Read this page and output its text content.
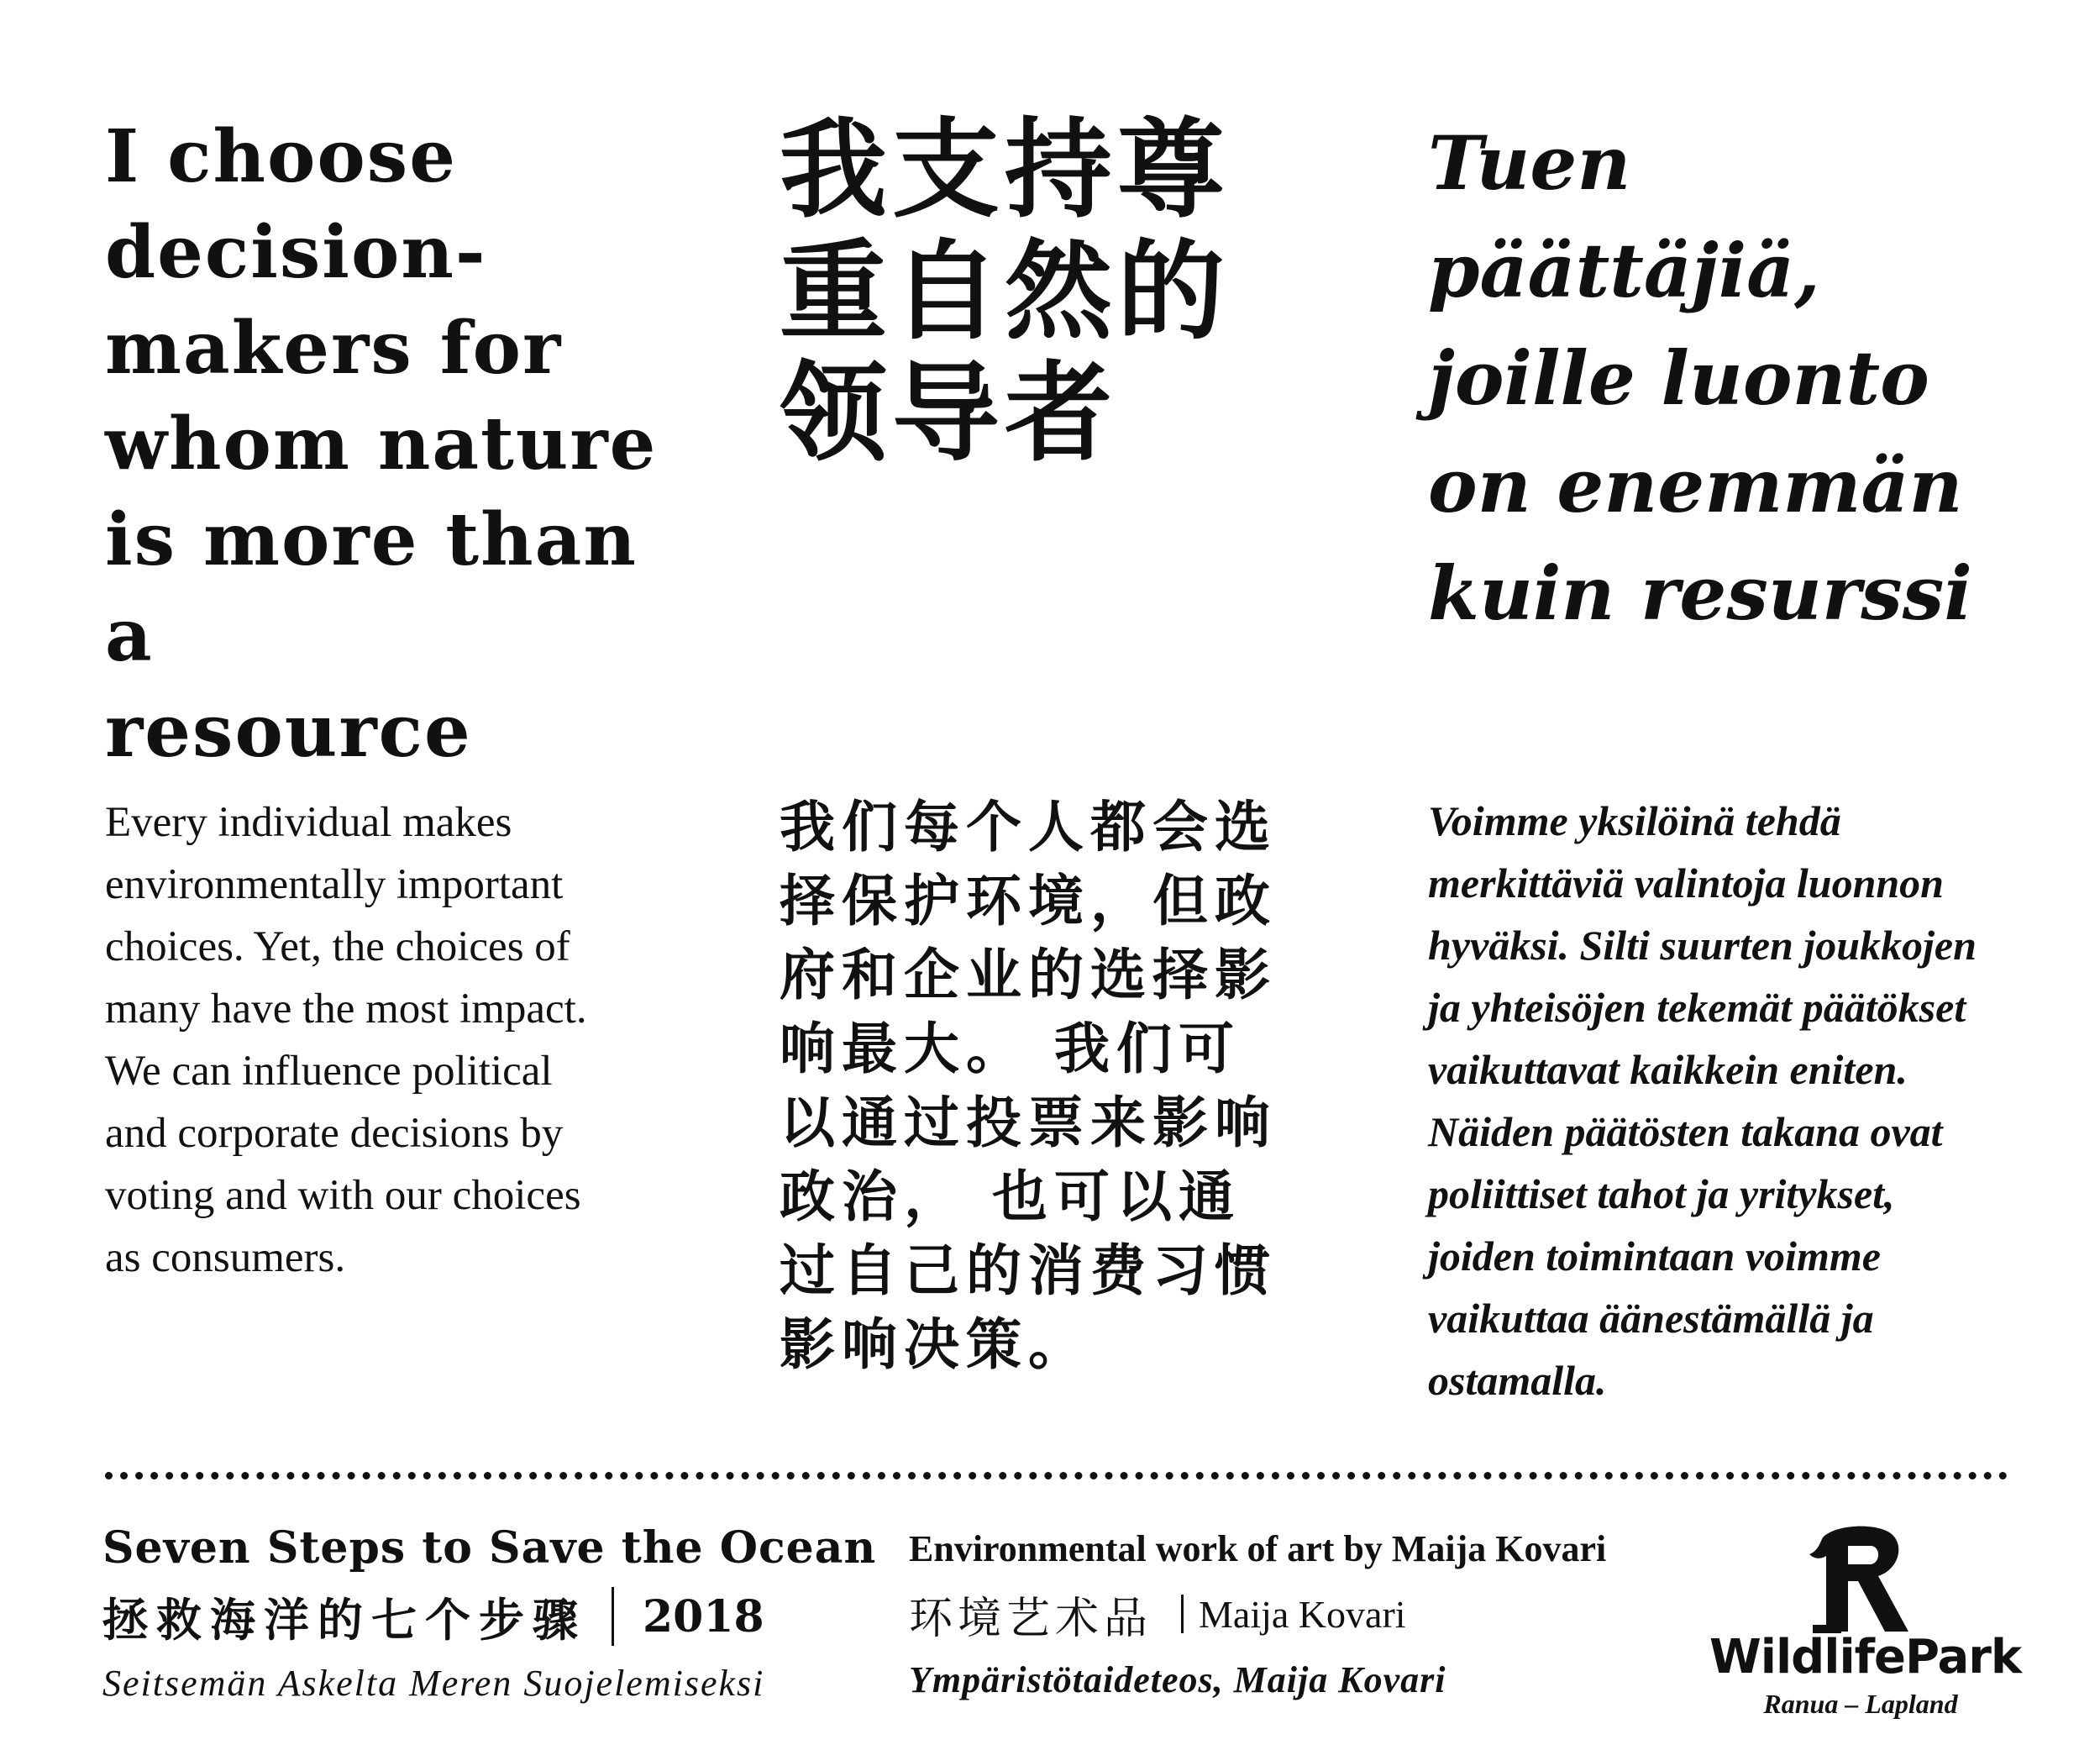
I choose
decision-
makers for
whom nature
is more than a
resource
我支持尊
重自然的
领导者
Tuen
päättäjiä,
joille luonto
on enemmän
kuin resurssi
Every individual makes
environmentally important
choices. Yet, the choices of
many have the most impact.
We can influence political
and corporate decisions by
voting and with our choices
as consumers.
我们每个人都会选
择保护环境，但政
府和企业的选择影
响最大。 我们可
以通过投票来影响
政治， 也可以通
过自己的消费习惯
影响决策。
Voimme yksilöinä tehdä
merkittäviä valintoja luonnon
hyväksi. Silti suurten joukkojen
ja yhteisöjen tekemät päätökset
vaikuttavat kaikkein eniten.
Näiden päätösten takana ovat
poliittiset tahot ja yritykset,
joiden toimintaan voimme
vaikuttaa äänestämällä ja
ostamalla.
Seven Steps to Save the Ocean
拯救海洋的七个步骤 2018
Seitsemän Askelta Meren Suojelemiseksi
Environmental work of art by Maija Kovari
环境艺术品 Maija Kovari
Ympäristötaideteos, Maija Kovari	WildlifePark
Ranua – Lapland
